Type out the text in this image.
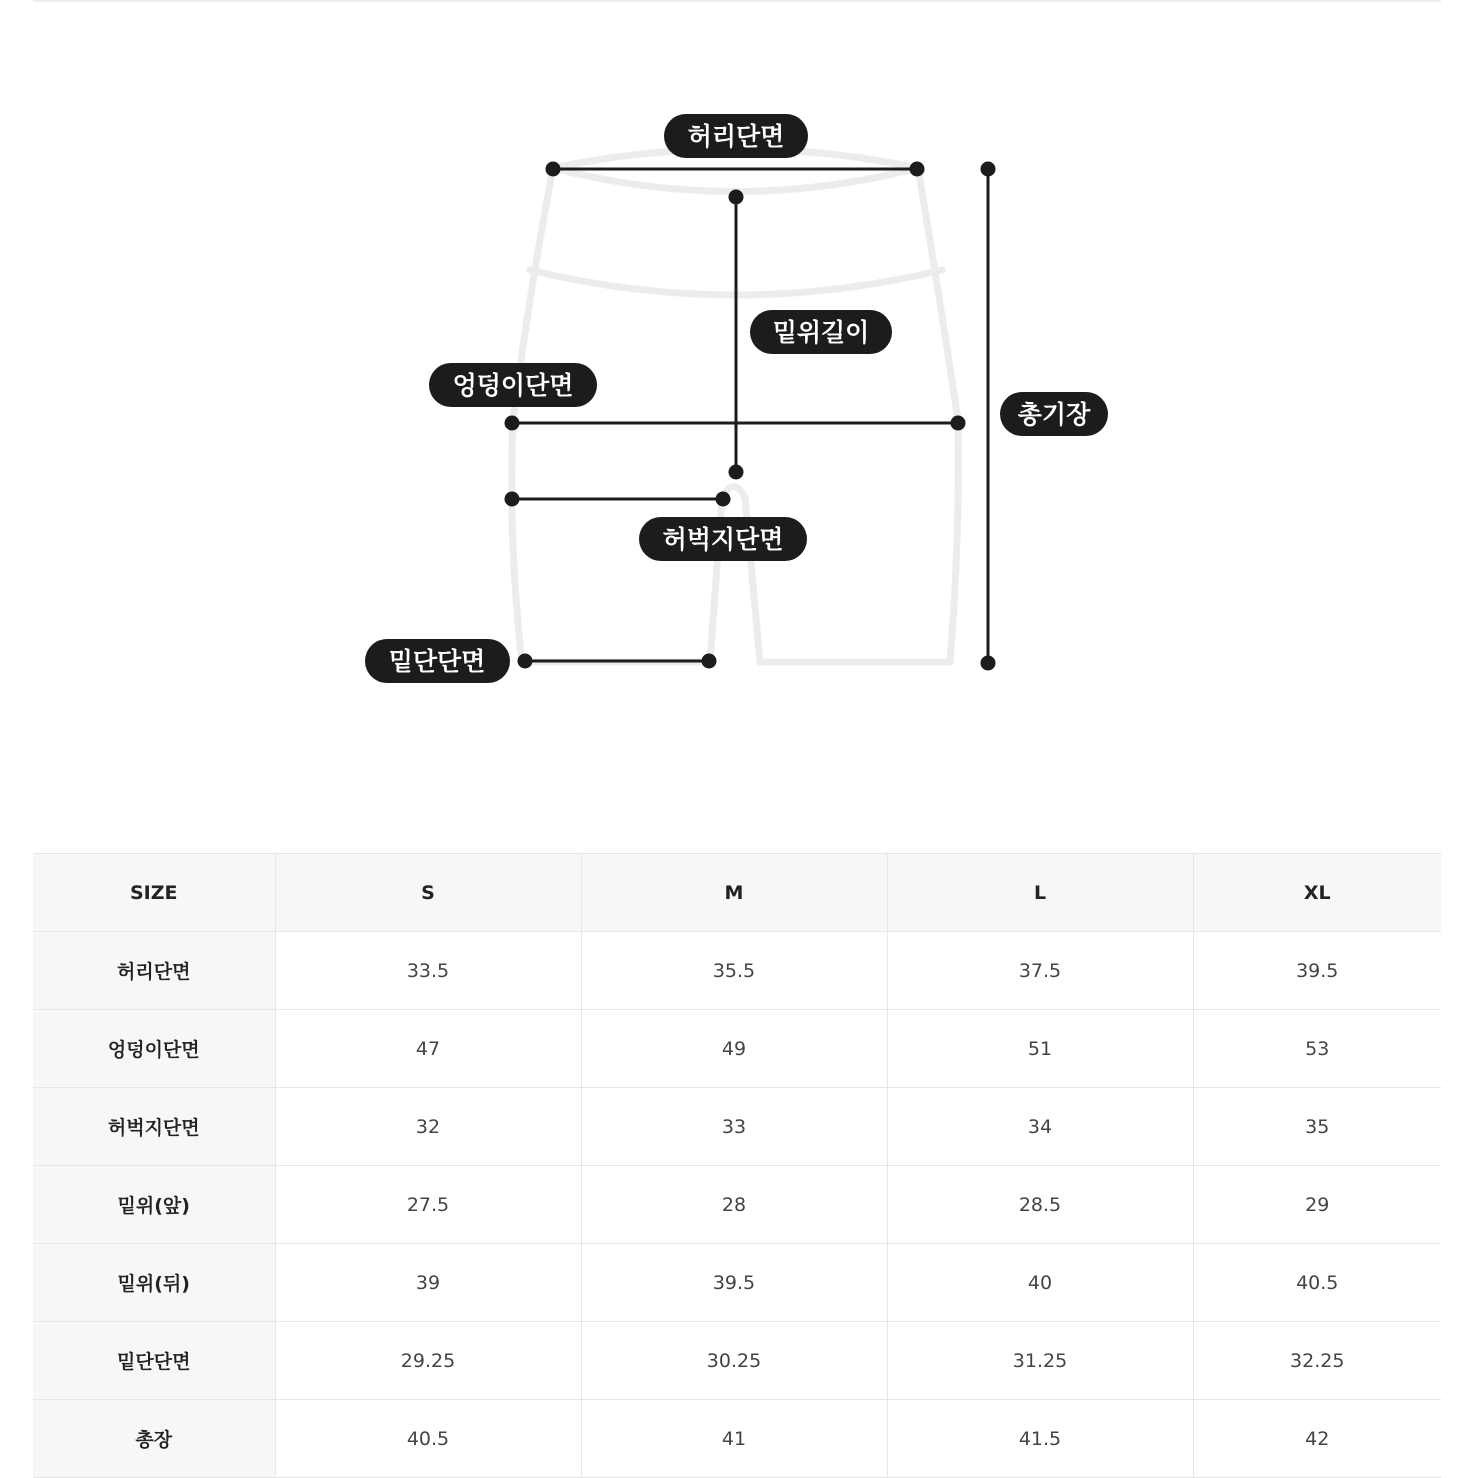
허리단면
밑위길이
엉덩이단면
총기장
허벅지단면
밑단단면
SIZE	S	M	L	XL
허리단면	33.5	35.5	37.5	39.5
엉덩이단면	47	49	51	53
허벅지단면	32	33	34	35
밑위(앞)	27.5	28	28.5	29
밑위(뒤)	39	39.5	40	40.5
밑단단면	29.25	30.25	31.25	32.25
총장	40.5	41	41.5	42
